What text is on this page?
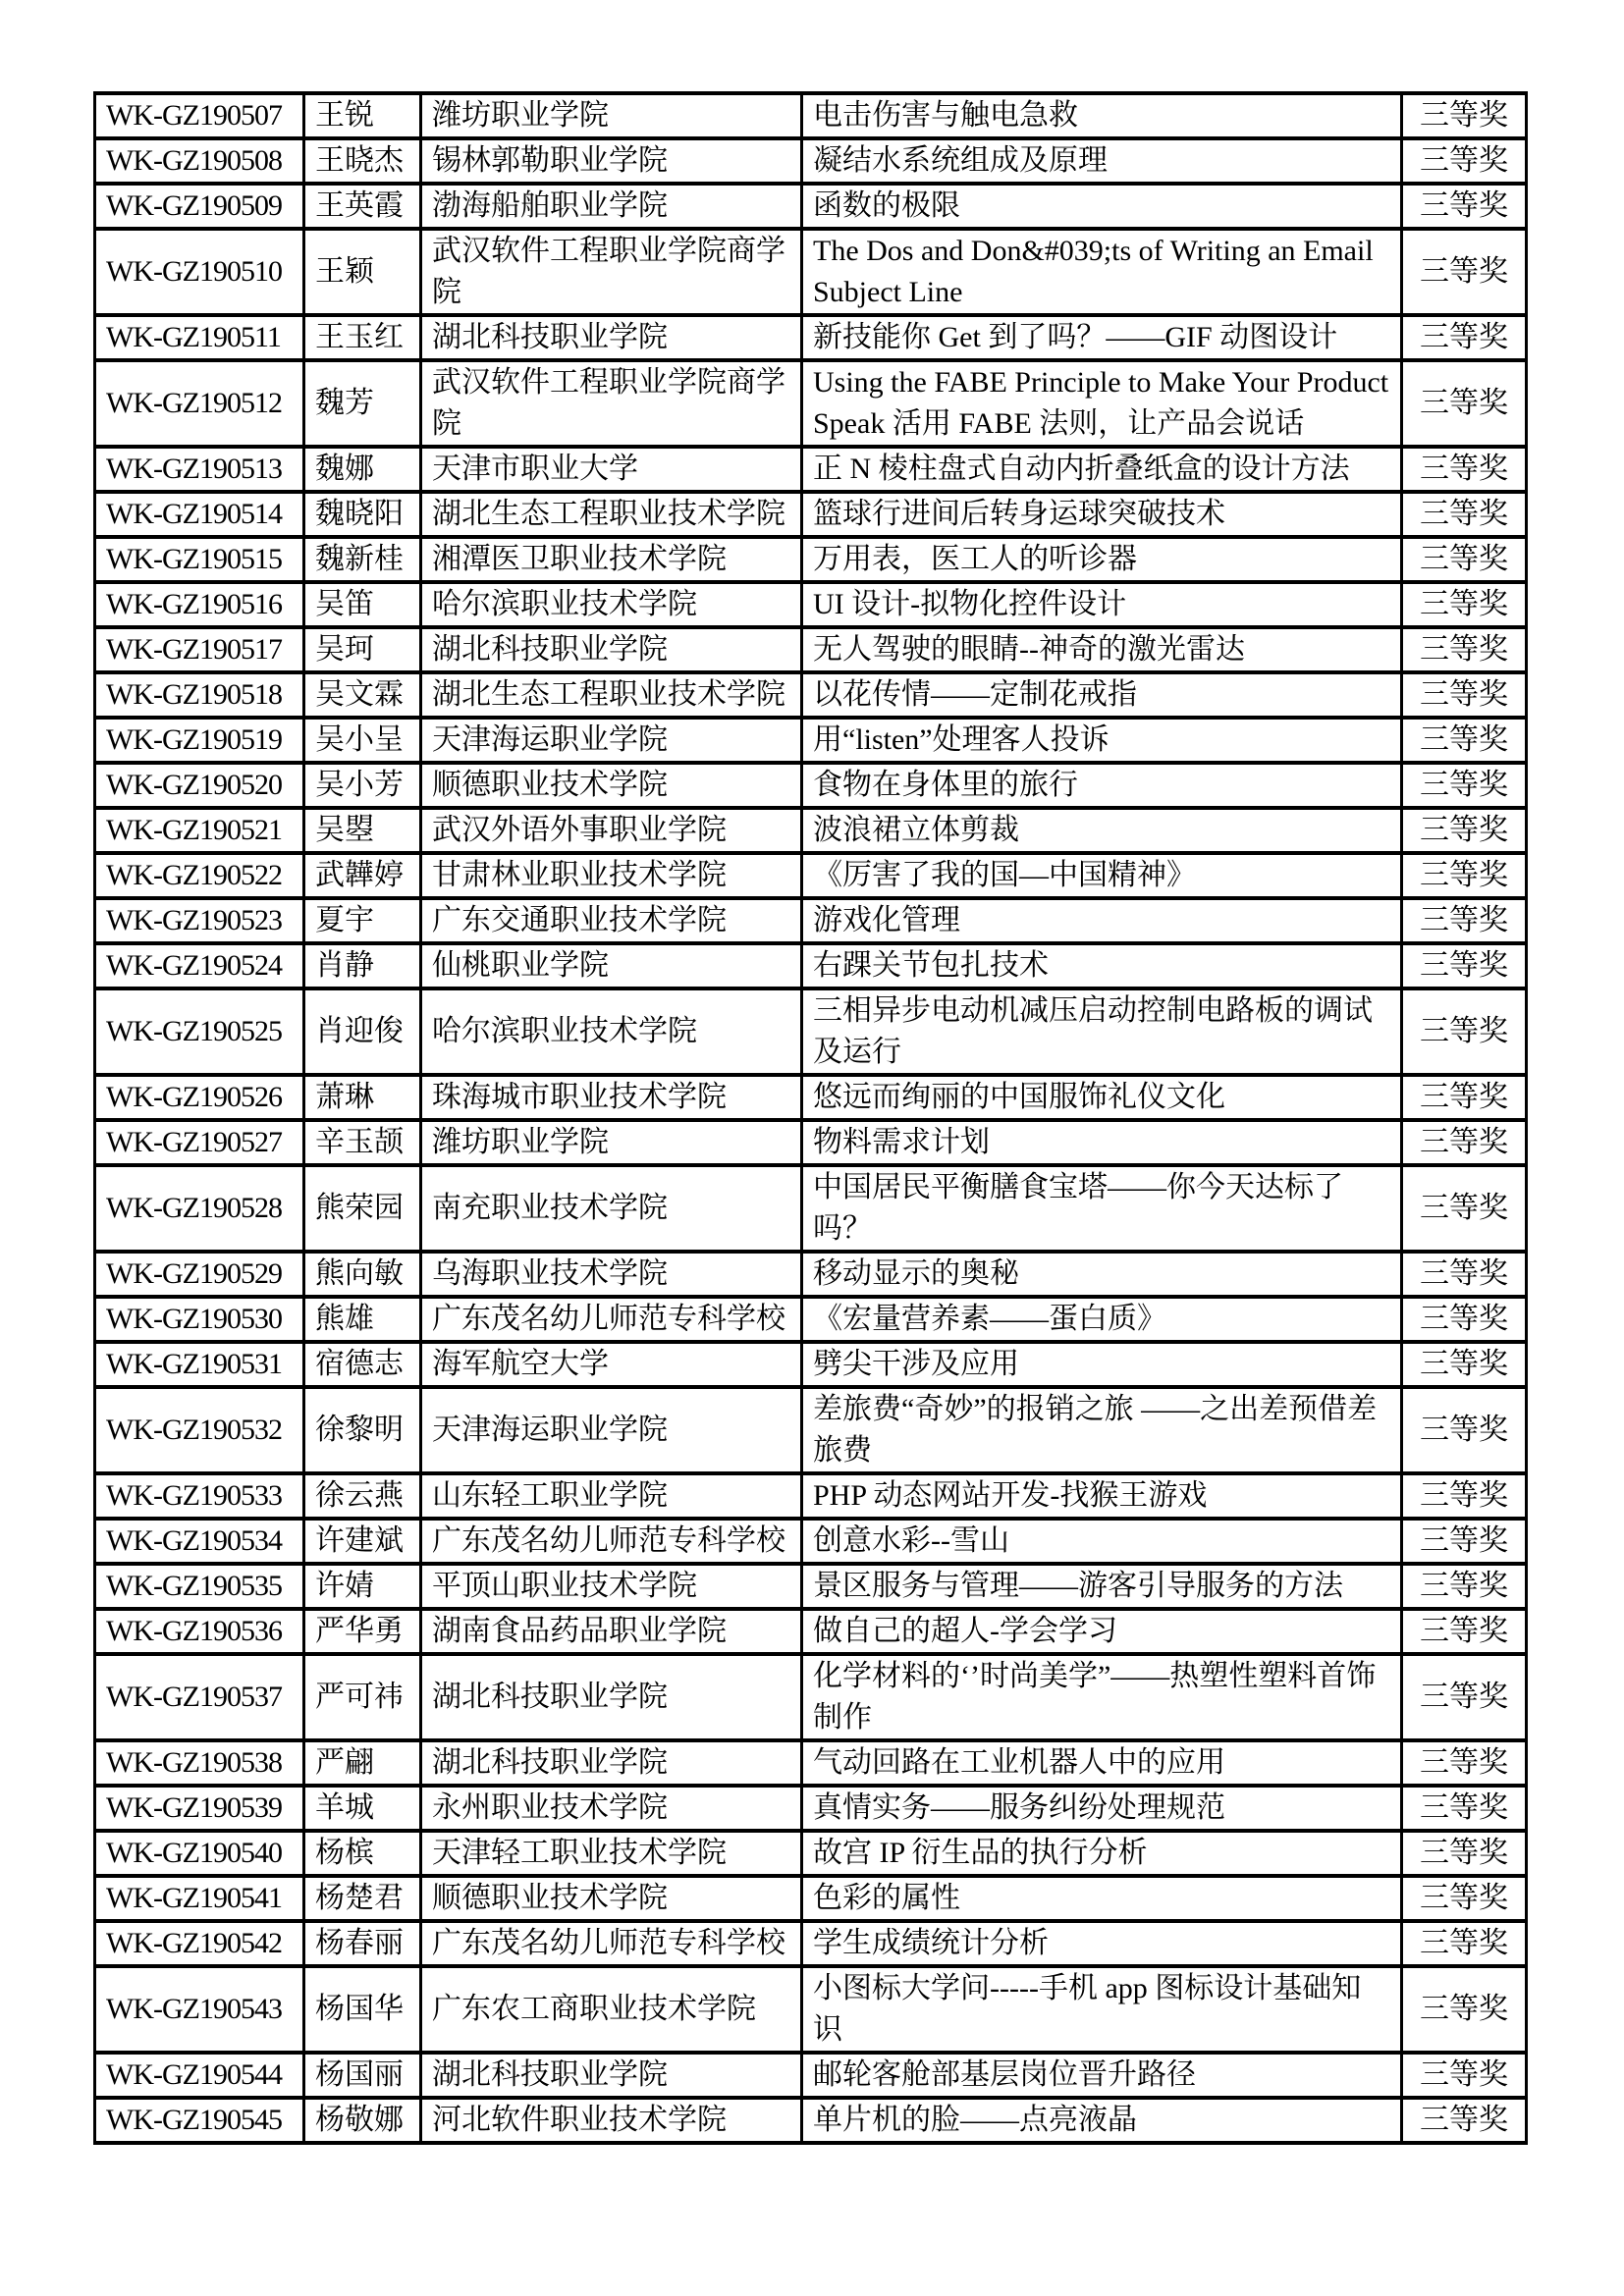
WK-GZ190507	王锐	潍坊职业学院	电击伤害与触电急救	三等奖
WK-GZ190508	王晓杰	锡林郭勒职业学院	凝结水系统组成及原理	三等奖
WK-GZ190509	王英霞	渤海船舶职业学院	函数的极限	三等奖
WK-GZ190510	王颖	武汉软件工程职业学院商学院	The Dos and Don&#039;ts of Writing an Email Subject Line	三等奖
WK-GZ190511	王玉红	湖北科技职业学院	新技能你 Get 到了吗？——GIF 动图设计	三等奖
WK-GZ190512	魏芳	武汉软件工程职业学院商学院	Using the FABE Principle to Make Your Product Speak 活用 FABE 法则，让产品会说话	三等奖
WK-GZ190513	魏娜	天津市职业大学	正 N 棱柱盘式自动内折叠纸盒的设计方法	三等奖
WK-GZ190514	魏晓阳	湖北生态工程职业技术学院	篮球行进间后转身运球突破技术	三等奖
WK-GZ190515	魏新桂	湘潭医卫职业技术学院	万用表，医工人的听诊器	三等奖
WK-GZ190516	吴笛	哈尔滨职业技术学院	UI 设计-拟物化控件设计	三等奖
WK-GZ190517	吴珂	湖北科技职业学院	无人驾驶的眼睛--神奇的激光雷达	三等奖
WK-GZ190518	吴文霖	湖北生态工程职业技术学院	以花传情——定制花戒指	三等奖
WK-GZ190519	吴小呈	天津海运职业学院	用“listen”处理客人投诉	三等奖
WK-GZ190520	吴小芳	顺德职业技术学院	食物在身体里的旅行	三等奖
WK-GZ190521	吴曌	武汉外语外事职业学院	波浪裙立体剪裁	三等奖
WK-GZ190522	武韡婷	甘肃林业职业技术学院	《厉害了我的国—中国精神》	三等奖
WK-GZ190523	夏宇	广东交通职业技术学院	游戏化管理	三等奖
WK-GZ190524	肖静	仙桃职业学院	右踝关节包扎技术	三等奖
WK-GZ190525	肖迎俊	哈尔滨职业技术学院	三相异步电动机减压启动控制电路板的调试及运行	三等奖
WK-GZ190526	萧琳	珠海城市职业技术学院	悠远而绚丽的中国服饰礼仪文化	三等奖
WK-GZ190527	辛玉颉	潍坊职业学院	物料需求计划	三等奖
WK-GZ190528	熊荣园	南充职业技术学院	中国居民平衡膳食宝塔——你今天达标了吗？	三等奖
WK-GZ190529	熊向敏	乌海职业技术学院	移动显示的奥秘	三等奖
WK-GZ190530	熊雄	广东茂名幼儿师范专科学校	《宏量营养素——蛋白质》	三等奖
WK-GZ190531	宿德志	海军航空大学	劈尖干涉及应用	三等奖
WK-GZ190532	徐黎明	天津海运职业学院	差旅费“奇妙”的报销之旅 ——之出差预借差旅费	三等奖
WK-GZ190533	徐云燕	山东轻工职业学院	PHP 动态网站开发-找猴王游戏	三等奖
WK-GZ190534	许建斌	广东茂名幼儿师范专科学校	创意水彩--雪山	三等奖
WK-GZ190535	许婧	平顶山职业技术学院	景区服务与管理——游客引导服务的方法	三等奖
WK-GZ190536	严华勇	湖南食品药品职业学院	做自己的超人-学会学习	三等奖
WK-GZ190537	严可祎	湖北科技职业学院	化学材料的‘’时尚美学”——热塑性塑料首饰制作	三等奖
WK-GZ190538	严翩	湖北科技职业学院	气动回路在工业机器人中的应用	三等奖
WK-GZ190539	羊城	永州职业技术学院	真情实务——服务纠纷处理规范	三等奖
WK-GZ190540	杨槟	天津轻工职业技术学院	故宫 IP 衍生品的执行分析	三等奖
WK-GZ190541	杨楚君	顺德职业技术学院	色彩的属性	三等奖
WK-GZ190542	杨春丽	广东茂名幼儿师范专科学校	学生成绩统计分析	三等奖
WK-GZ190543	杨国华	广东农工商职业技术学院	小图标大学问-----手机 app 图标设计基础知识	三等奖
WK-GZ190544	杨国丽	湖北科技职业学院	邮轮客舱部基层岗位晋升路径	三等奖
WK-GZ190545	杨敬娜	河北软件职业技术学院	单片机的脸——点亮液晶	三等奖
